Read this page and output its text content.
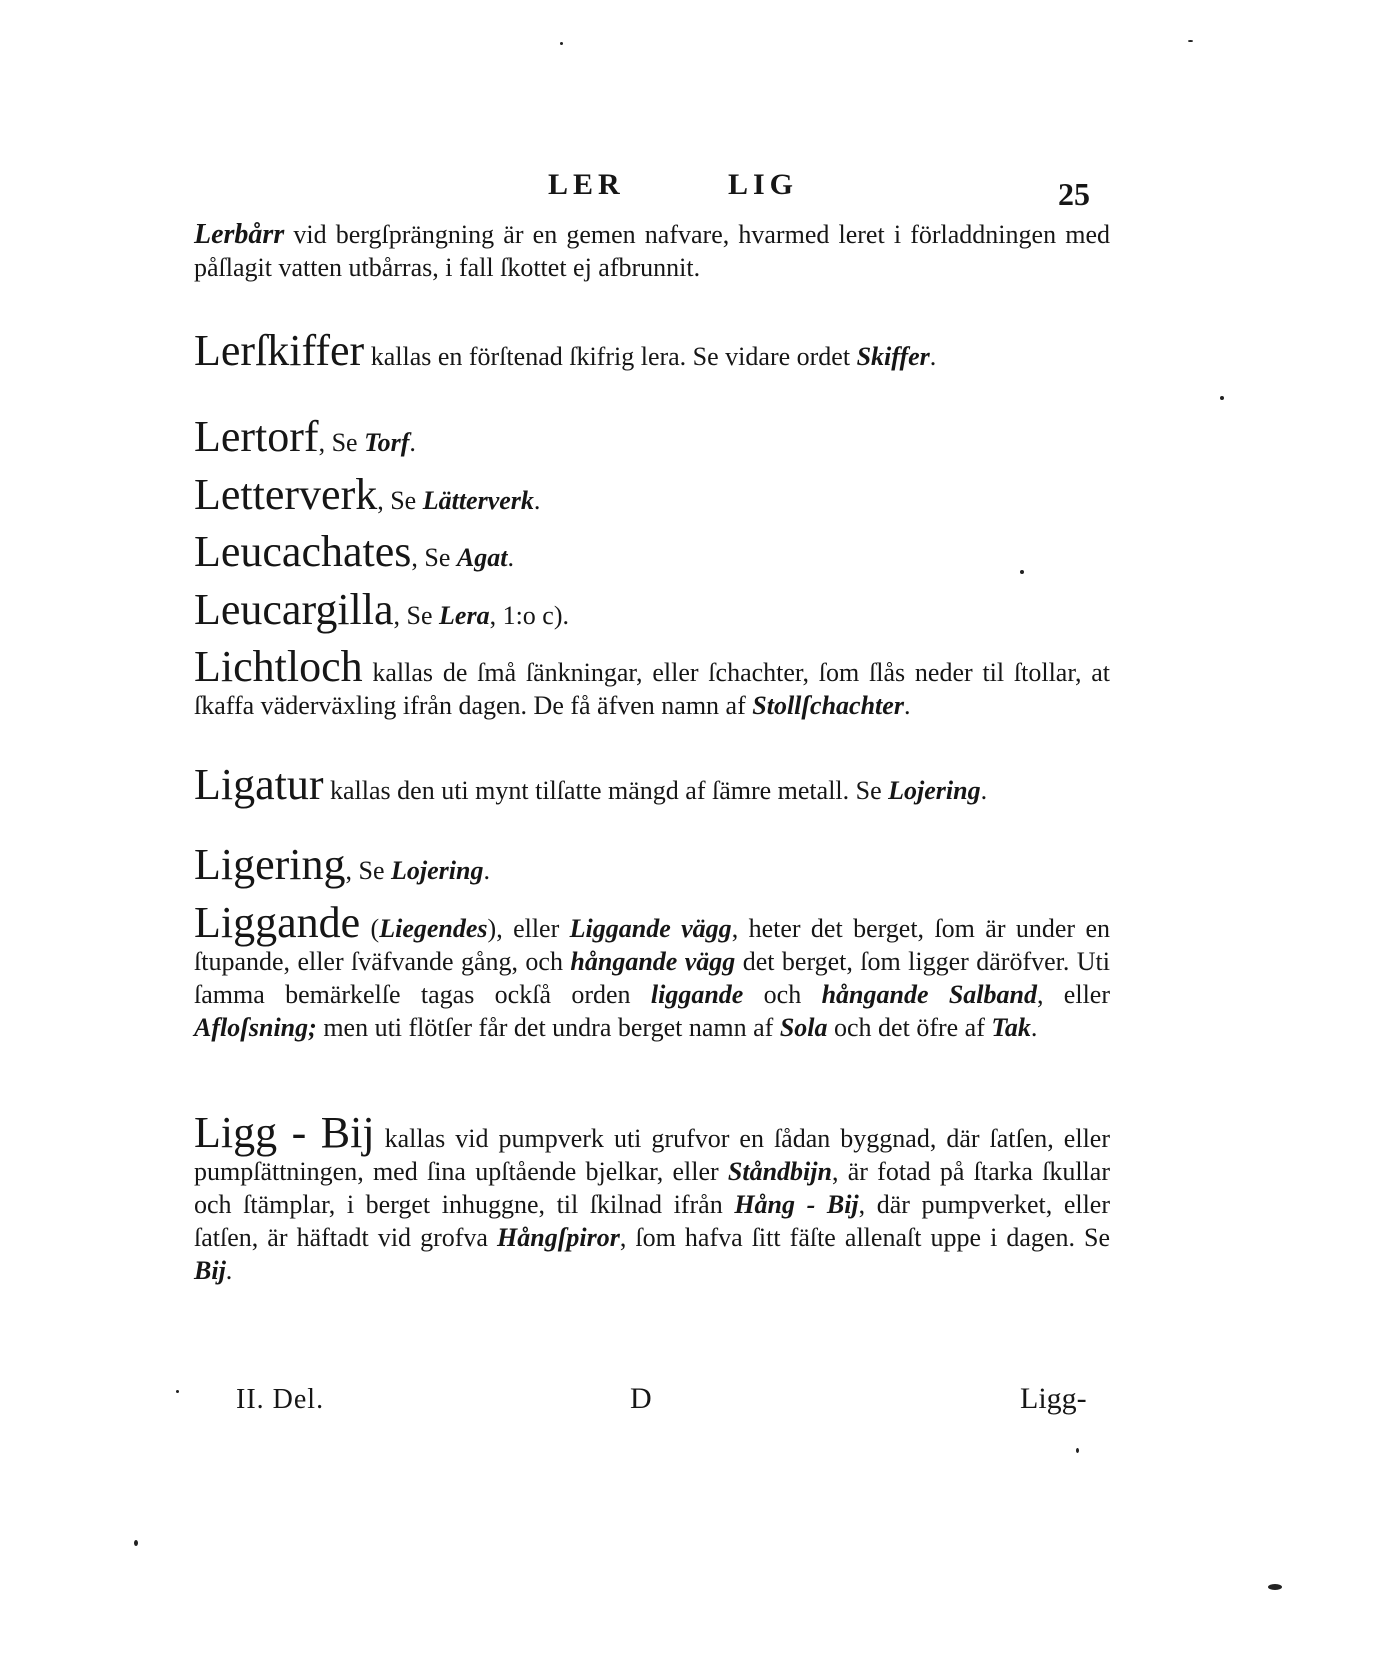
LER	LIG	25
Lerbårr vid bergſprängning är en gemen nafvare, hvarmed leret i förladdningen med påſlagit vatten utbårras, i fall ſkottet ej afbrunnit.
Lerſkiffer kallas en förſtenad ſkifrig lera. Se vidare ordet Skiffer.
Lertorf, Se Torf.
Letterverk, Se Lätterverk.
Leucachates, Se Agat.
Leucargilla, Se Lera, 1:o c).
Lichtloch kallas de ſmå ſänkningar, eller ſchachter, ſom ſlås neder til ſtollar, at ſkaffa väderväxling ifrån dagen. De få äfven namn af Stollſchachter.
Ligatur kallas den uti mynt tilſatte mängd af ſämre metall. Se Lojering.
Ligering, Se Lojering.
Liggande (Liegendes), eller Liggande vägg, heter det berget, ſom är under en ſtupande, eller ſväfvande gång, och hångande vägg det berget, ſom ligger däröfver. Uti ſamma bemärkelſe tagas ockſå orden liggande och hångande Salband, eller Afloſsning; men uti flötſer får det undra berget namn af Sola och det öfre af Tak.
Ligg - Bij kallas vid pumpverk uti grufvor en ſådan byggnad, där ſatſen, eller pumpſättningen, med ſina upſtående bjelkar, eller Ståndbijn, är fotad på ſtarka ſkullar och ſtämplar, i berget inhuggne, til ſkilnad ifrån Hång - Bij, där pumpverket, eller ſatſen, är häftadt vid grofva Hångſpiror, ſom hafva ſitt fäſte allenaſt uppe i dagen. Se Bij.
II. Del.	D	Ligg-
